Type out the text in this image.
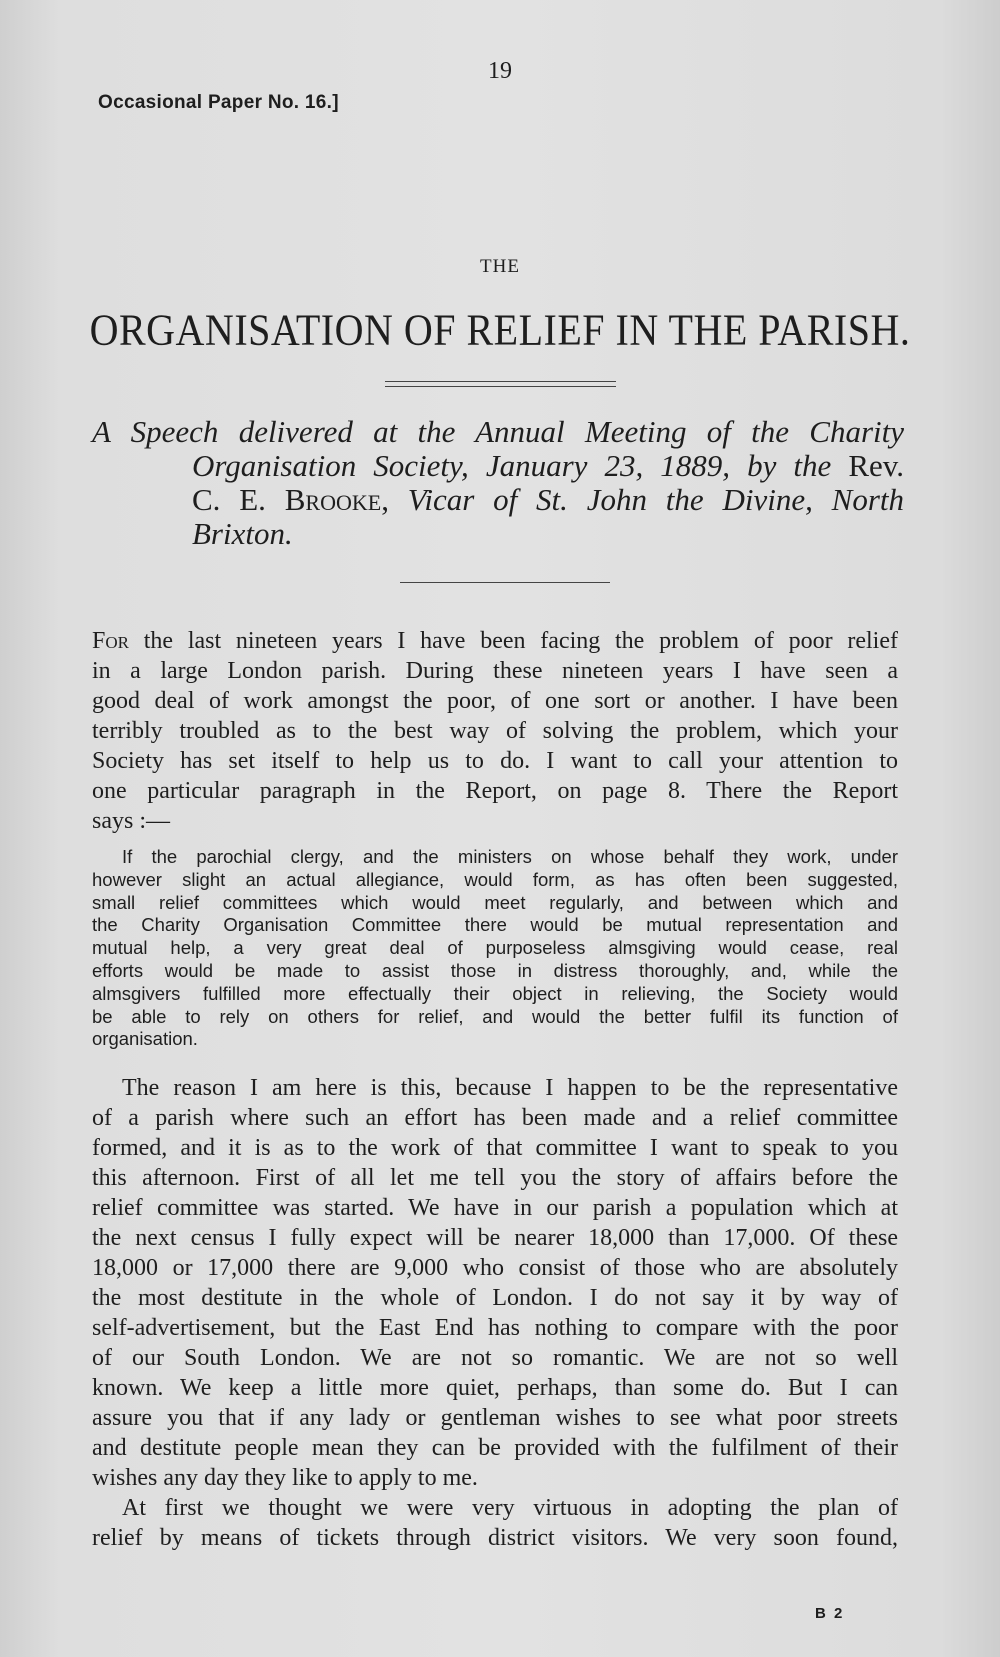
Occasional Paper No. 16.]
19
THE
ORGANISATION OF RELIEF IN THE PARISH.
A Speech delivered at the Annual Meeting of the Charity
Organisation Society, January 23, 1889, by the Rev.
C. E. Brooke, Vicar of St. John the Divine, North
Brixton.
For the last nineteen years I have been facing the problem of poor relief
in a large London parish. During these nineteen years I have seen a
good deal of work amongst the poor, of one sort or another. I have been
terribly troubled as to the best way of solving the problem, which your
Society has set itself to help us to do. I want to call your attention to
one particular paragraph in the Report, on page 8. There the Report
says :—
If the parochial clergy, and the ministers on whose behalf they work, under
however slight an actual allegiance, would form, as has often been suggested,
small relief committees which would meet regularly, and between which and
the Charity Organisation Committee there would be mutual representation and
mutual help, a very great deal of purposeless almsgiving would cease, real
efforts would be made to assist those in distress thoroughly, and, while the
almsgivers fulfilled more effectually their object in relieving, the Society would
be able to rely on others for relief, and would the better fulfil its function of
organisation.
The reason I am here is this, because I happen to be the representative
of a parish where such an effort has been made and a relief committee
formed, and it is as to the work of that committee I want to speak to you
this afternoon. First of all let me tell you the story of affairs before the
relief committee was started. We have in our parish a population which at
the next census I fully expect will be nearer 18,000 than 17,000. Of these
18,000 or 17,000 there are 9,000 who consist of those who are absolutely
the most destitute in the whole of London. I do not say it by way of
self-advertisement, but the East End has nothing to compare with the poor
of our South London. We are not so romantic. We are not so well
known. We keep a little more quiet, perhaps, than some do. But I can
assure you that if any lady or gentleman wishes to see what poor streets
and destitute people mean they can be provided with the fulfilment of their
wishes any day they like to apply to me.
At first we thought we were very virtuous in adopting the plan of
relief by means of tickets through district visitors. We very soon found,
B 2
